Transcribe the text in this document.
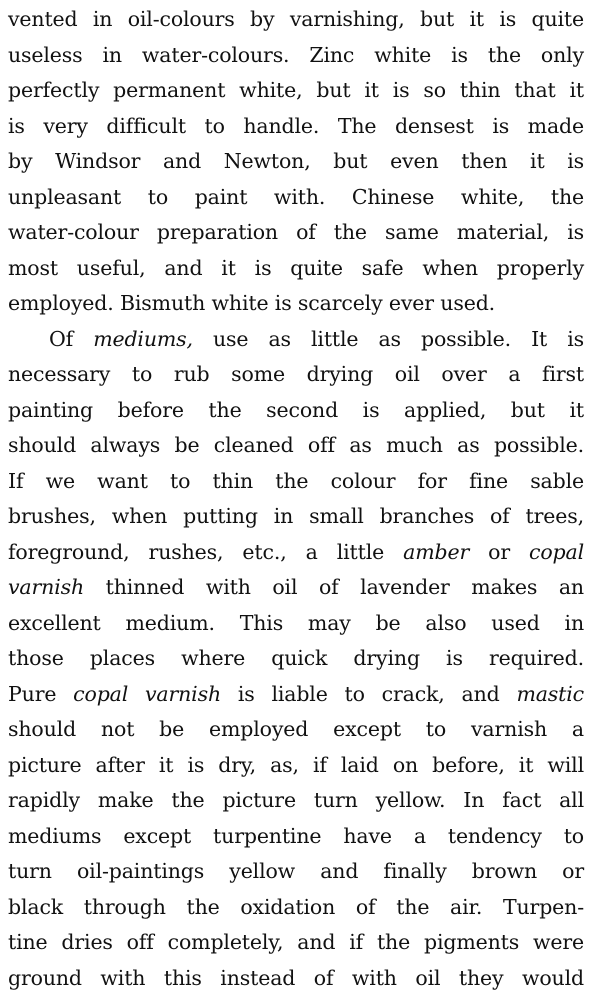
vented in oil-colours by varnishing, but it is quite
useless in water-colours. Zinc white is the only
perfectly permanent white, but it is so thin that it
is very difficult to handle. The densest is made
by Windsor and Newton, but even then it is
unpleasant to paint with. Chinese white, the
water-colour preparation of the same material, is
most useful, and it is quite safe when properly
employed. Bismuth white is scarcely ever used.
Of mediums, use as little as possible. It is
necessary to rub some drying oil over a first
painting before the second is applied, but it
should always be cleaned off as much as possible.
If we want to thin the colour for fine sable
brushes, when putting in small branches of trees,
foreground, rushes, etc., a little amber or copal
varnish thinned with oil of lavender makes an
excellent medium. This may be also used in
those places where quick drying is required.
Pure copal varnish is liable to crack, and mastic
should not be employed except to varnish a
picture after it is dry, as, if laid on before, it will
rapidly make the picture turn yellow. In fact all
mediums except turpentine have a tendency to
turn oil-paintings yellow and finally brown or
black through the oxidation of the air. Turpen-
tine dries off completely, and if the pigments were
ground with this instead of with oil they would
